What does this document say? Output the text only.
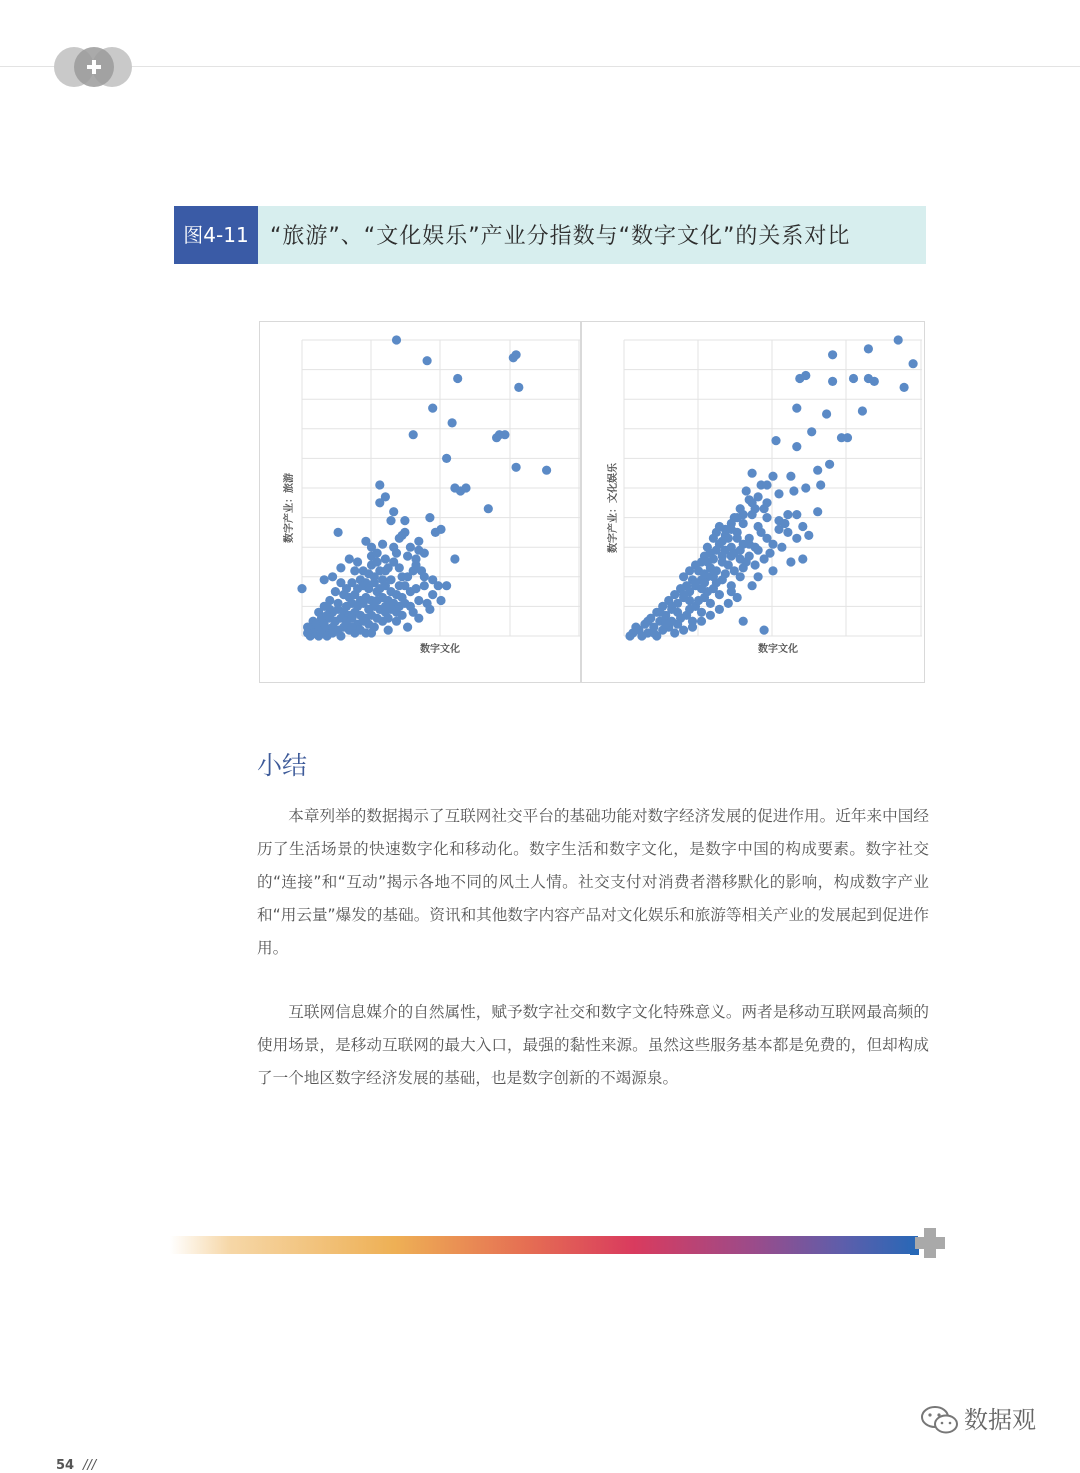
图4-11 “旅游”、“文化娱乐”产业分指数与“数字文化”的关系对比
数字产业：旅游
数字文化
数字产业：文化娱乐
数字文化
小结

本章列举的数据揭示了互联网社交平台的基础功能对数字经济发展的促进作用。近年来中国经历了生活场景的快速数字化和移动化。数字生活和数字文化，是数字中国的构成要素。数字社交的“连接”和“互动”揭示各地不同的风土人情。社交支付对消费者潜移默化的影响，构成数字产业和“用云量”爆发的基础。资讯和其他数字内容产品对文化娱乐和旅游等相关产业的发展起到促进作用。

互联网信息媒介的自然属性，赋予数字社交和数字文化特殊意义。两者是移动互联网最高频的使用场景，是移动互联网的最大入口，最强的黏性来源。虽然这些服务基本都是免费的，但却构成了一个地区数字经济发展的基础，也是数字创新的不竭源泉。

54 ///
数据观
